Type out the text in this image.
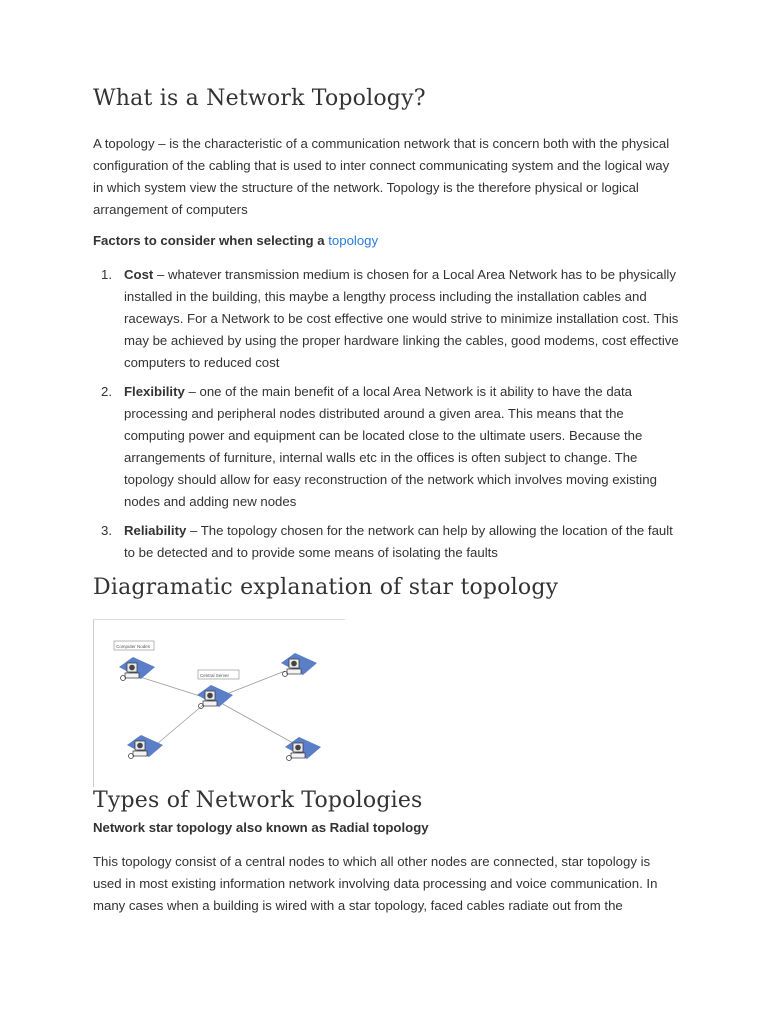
What is a Network Topology?

A topology – is the characteristic of a communication network that is concern both with the physical configuration of the cabling that is used to inter connect communicating system and the logical way in which system view the structure of the network. Topology is the therefore physical or logical arrangement of computers

Factors to consider when selecting a topology

1. Cost – whatever transmission medium is chosen for a Local Area Network has to be physically installed in the building, this maybe a lengthy process including the installation cables and raceways. For a Network to be cost effective one would strive to minimize installation cost. This may be achieved by using the proper hardware linking the cables, good modems, cost effective computers to reduced cost
2. Flexibility – one of the main benefit of a local Area Network is it ability to have the data processing and peripheral nodes distributed around a given area. This means that the computing power and equipment can be located close to the ultimate users. Because the arrangements of furniture, internal walls etc in the offices is often subject to change. The topology should allow for easy reconstruction of the network which involves moving existing nodes and adding new nodes
3. Reliability – The topology chosen for the network can help by allowing the location of the fault to be detected and to provide some means of isolating the faults
Diagramatic explanation of star topology
Computer Nodes
Central Server
Types of Network Topologies

Network star topology also known as Radial topology

This topology consist of a central nodes to which all other nodes are connected, star topology is used in most existing information network involving data processing and voice communication. In many cases when a building is wired with a star topology, faced cables radiate out from the
